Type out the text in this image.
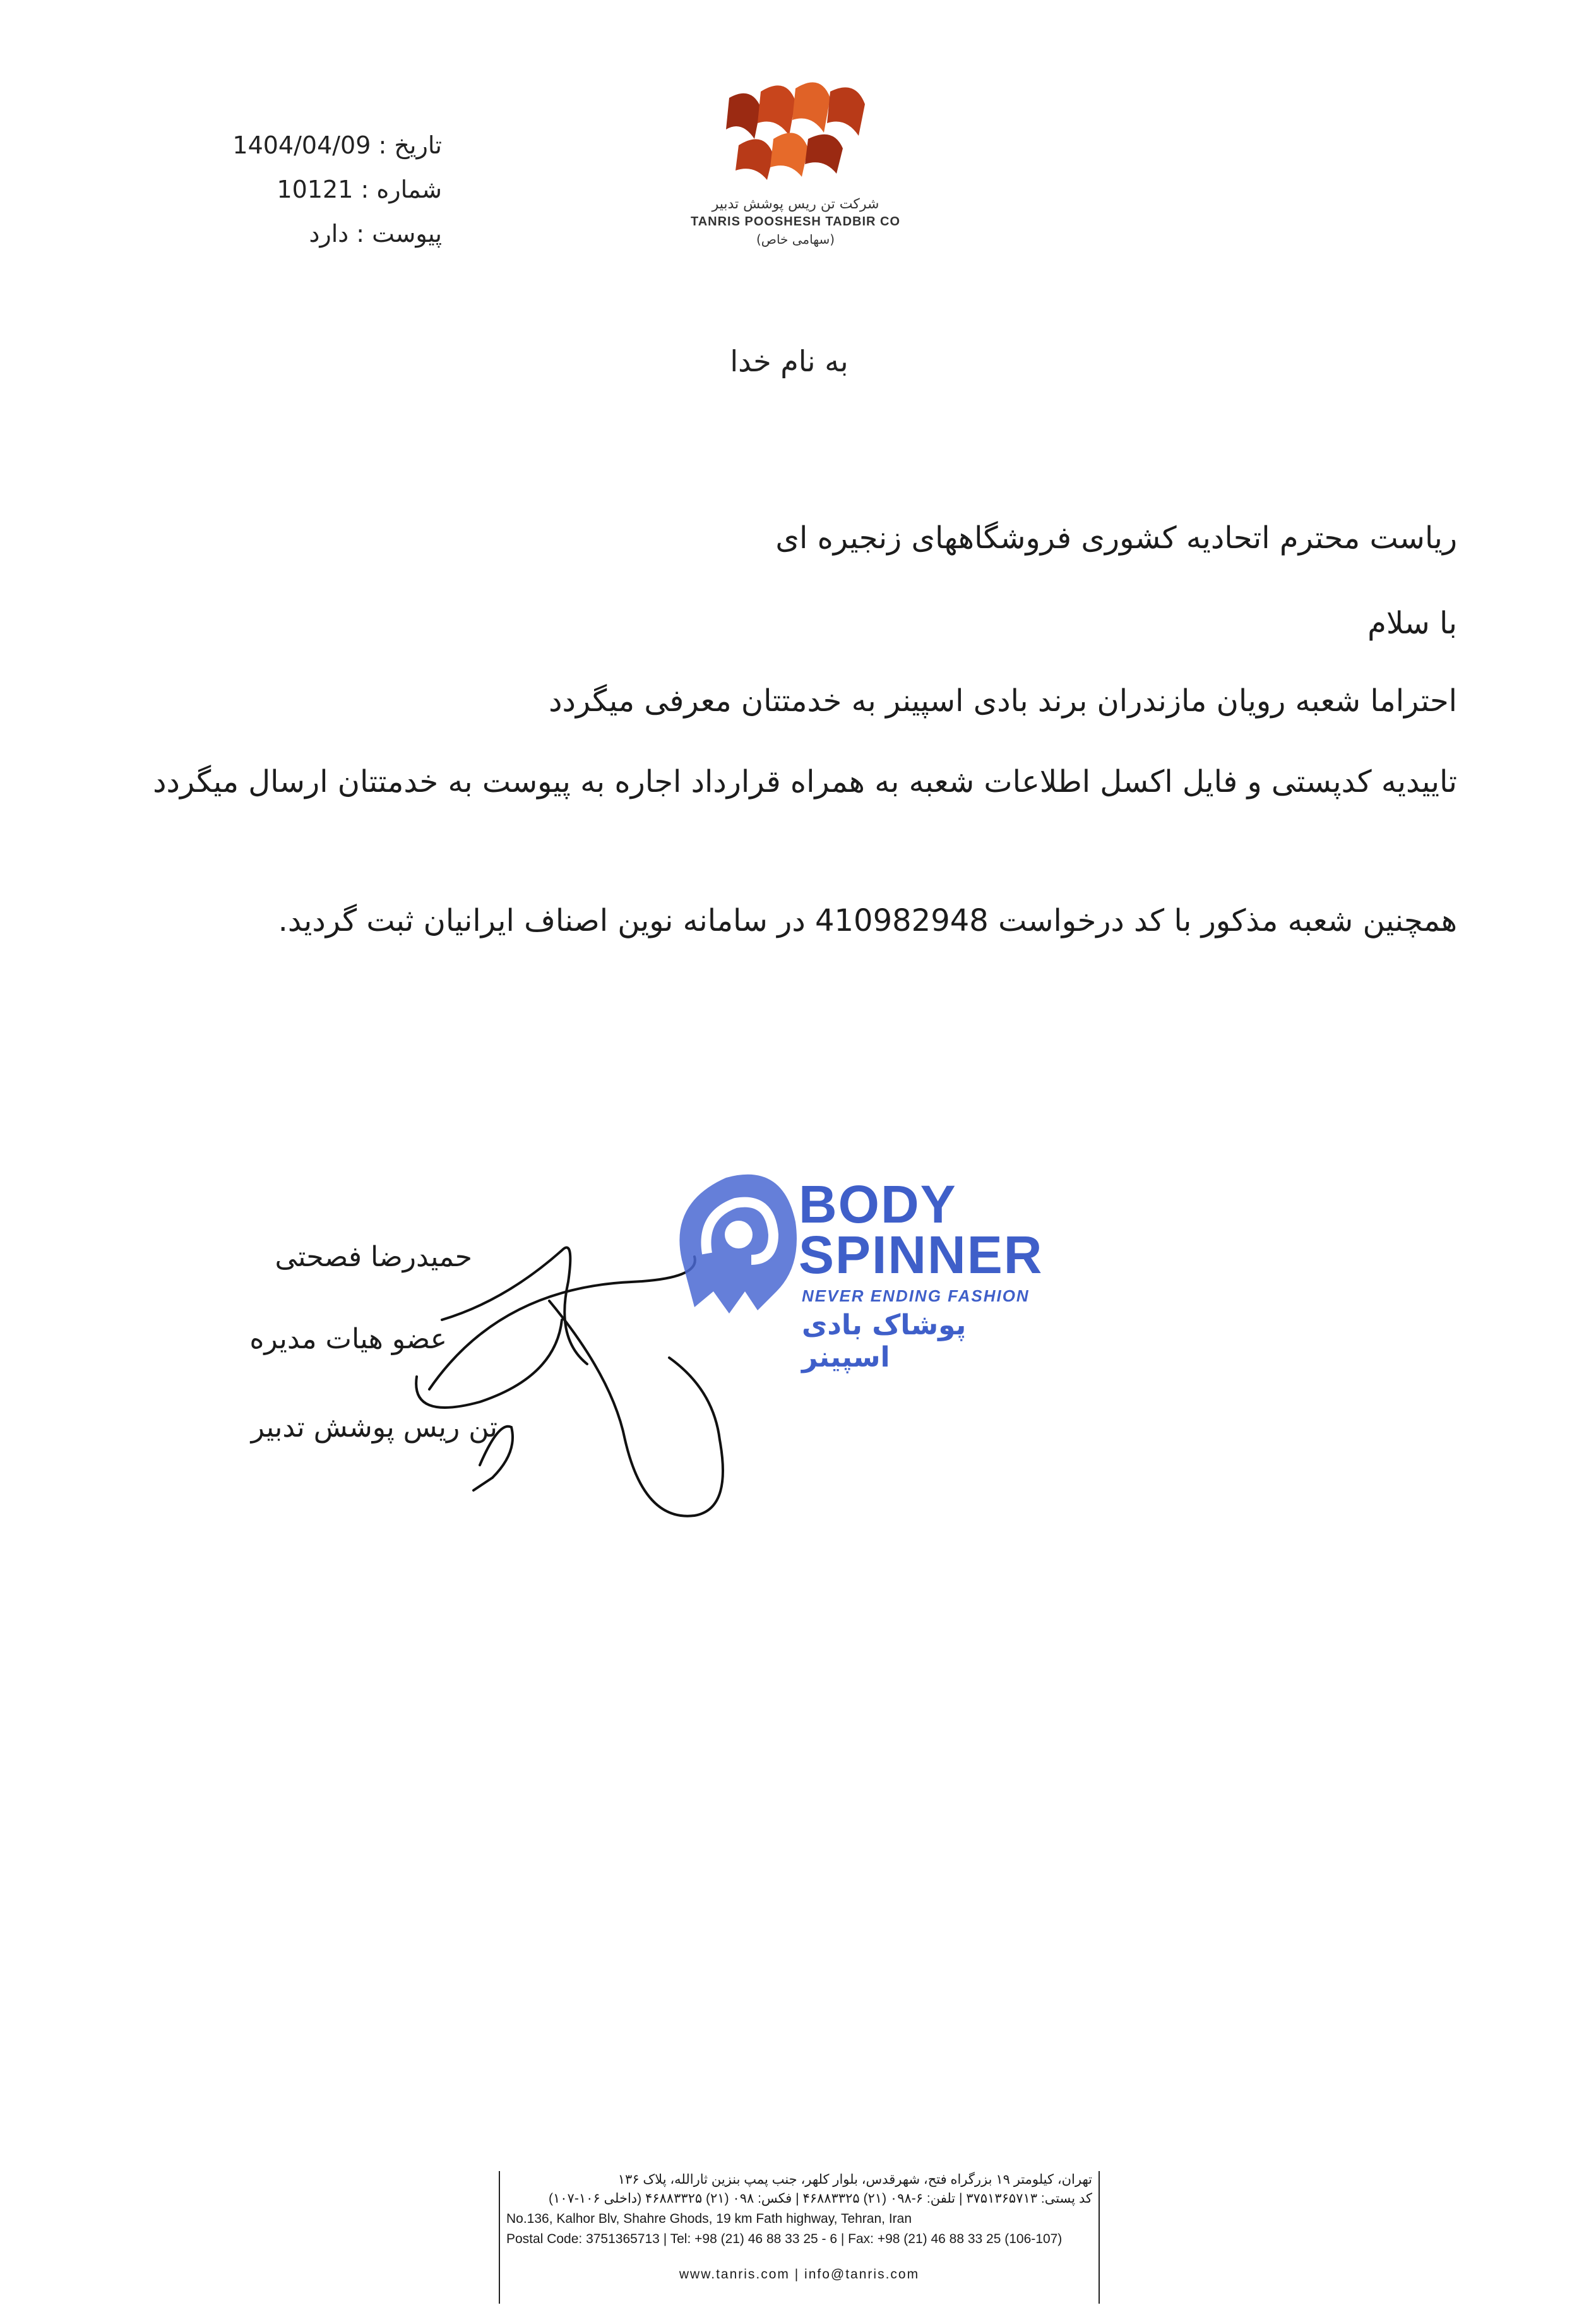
تاریخ : 1404/04/09
شماره : 10121
پیوست : دارد
شرکت تن ریس پوشش تدبیر
TANRIS POOSHESH TADBIR CO
(سهامی خاص)
به نام خدا
ریاست محترم اتحادیه کشوری فروشگاههای زنجیره ای
با سلام
احتراما شعبه رویان مازندران برند بادی اسپینر به خدمتتان معرفی میگردد
تاییدیه کدپستی و فایل اکسل اطلاعات شعبه به همراه قرارداد اجاره به پیوست به خدمتتان ارسال میگردد
همچنین شعبه مذکور با کد درخواست 410982948 در سامانه نوین اصناف ایرانیان ثبت گردید.
حمیدرضا فصحتی
عضو هیات مدیره
تن ریس پوشش تدبیر
BODY
SPINNER
NEVER ENDING FASHION
پوشاک بادی اسپینر
تهران، کیلومتر ۱۹ بزرگراه فتح، شهرقدس، بلوار کلهر، جنب پمپ بنزین ثارالله، پلاک ۱۳۶
کد پستی: ۳۷۵۱۳۶۵۷۱۳ | تلفن: ۶-۰۹۸ (۲۱) ۴۶۸۸۳۳۲۵ | فکس: ۰۹۸ (۲۱) ۴۶۸۸۳۳۲۵ (داخلی ۱۰۶-۱۰۷)
No.136, Kalhor Blv, Shahre Ghods, 19 km Fath highway, Tehran, Iran
Postal Code: 3751365713 | Tel: +98 (21) 46 88 33 25 - 6 | Fax: +98 (21) 46 88 33 25 (106-107)
www.tanris.com | info@tanris.com
